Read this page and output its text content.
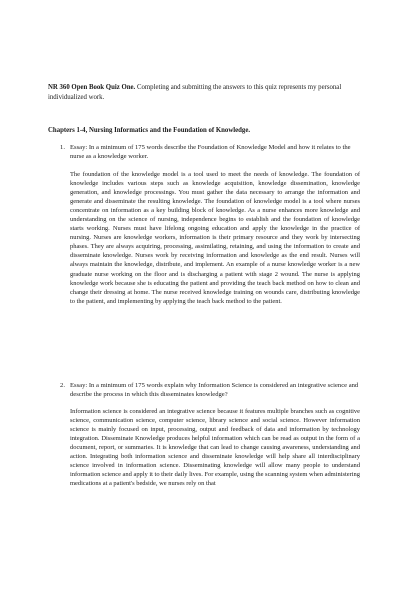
NR 360 Open Book Quiz One. Completing and submitting the answers to this quiz represents my personal individualized work.
Chapters 1-4, Nursing Informatics and the Foundation of Knowledge.
1. Essay: In a minimum of 175 words describe the Foundation of Knowledge Model and how it relates to the nurse as a knowledge worker.
The foundation of the knowledge model is a tool used to meet the needs of knowledge. The foundation of knowledge includes various steps such as knowledge acquisition, knowledge dissemination, knowledge generation, and knowledge processings. You must gather the data necessary to arrange the information and generate and disseminate the resulting knowledge. The foundation of knowledge model is a tool where nurses concentrate on information as a key building block of knowledge. As a nurse enhances more knowledge and understanding on the science of nursing, independence begins to establish and the foundation of knowledge starts working. Nurses must have lifelong ongoing education and apply the knowledge in the practice of nursing. Nurses are knowledge workers, information is their primary resource and they work by intersecting phases. They are always acquiring, processing, assimilating, retaining, and using the information to create and disseminate knowledge. Nurses work by receiving information and knowledge as the end result. Nurses will always maintain the knowledge, distribute, and implement. An example of a nurse knowledge worker is a new graduate nurse working on the floor and is discharging a patient with stage 2 wound. The nurse is applying knowledge work because she is educating the patient and providing the teach back method on how to clean and change their dressing at home. The nurse received knowledge training on wounds care, distributing knowledge to the patient, and implementing by applying the teach back method to the patient.
2. Essay: In a minimum of 175 words explain why Information Science is considered an integrative science and describe the process in which this disseminates knowledge?
Information science is considered an integrative science because it features multiple branches such as cognitive science, communication science, computer science, library science and social science. However information science is mainly focused on input, processing, output and feedback of data and information by technology integration. Disseminate Knowledge produces helpful information which can be read as output in the form of a document, report, or summaries. It is knowledge that can lead to change causing awareness, understanding and action. Integrating both information science and disseminate knowledge will help share all interdisciplinary science involved in information science. Disseminating knowledge will allow many people to understand information science and apply it to their daily lives. For example, using the scanning system when administering medications at a patient's bedside, we nurses rely on that
